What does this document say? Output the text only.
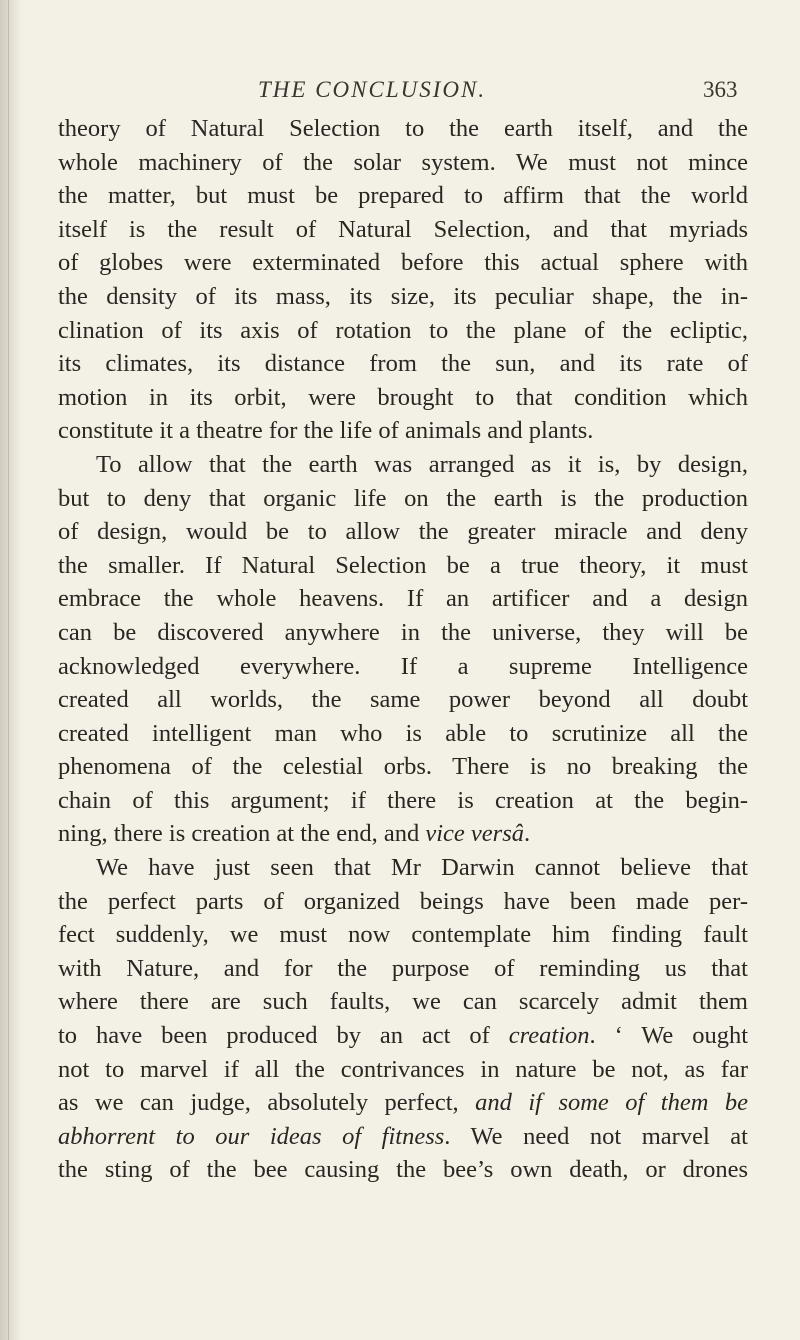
THE CONCLUSION.	363
theory of Natural Selection to the earth itself, and the
whole machinery of the solar system. We must not mince
the matter, but must be prepared to affirm that the world
itself is the result of Natural Selection, and that myriads
of globes were exterminated before this actual sphere with
the density of its mass, its size, its peculiar shape, the in-
clination of its axis of rotation to the plane of the ecliptic,
its climates, its distance from the sun, and its rate of
motion in its orbit, were brought to that condition which
constitute it a theatre for the life of animals and plants.
To allow that the earth was arranged as it is, by design,
but to deny that organic life on the earth is the production
of design, would be to allow the greater miracle and deny
the smaller. If Natural Selection be a true theory, it must
embrace the whole heavens. If an artificer and a design
can be discovered anywhere in the universe, they will be
acknowledged everywhere. If a supreme Intelligence
created all worlds, the same power beyond all doubt
created intelligent man who is able to scrutinize all the
phenomena of the celestial orbs. There is no breaking the
chain of this argument; if there is creation at the begin-
ning, there is creation at the end, and vice versâ.
We have just seen that Mr Darwin cannot believe that
the perfect parts of organized beings have been made per-
fect suddenly, we must now contemplate him finding fault
with Nature, and for the purpose of reminding us that
where there are such faults, we can scarcely admit them
to have been produced by an act of creation. ‘ We ought
not to marvel if all the contrivances in nature be not, as far
as we can judge, absolutely perfect, and if some of them be
abhorrent to our ideas of fitness. We need not marvel at
the sting of the bee causing the bee’s own death, or drones
